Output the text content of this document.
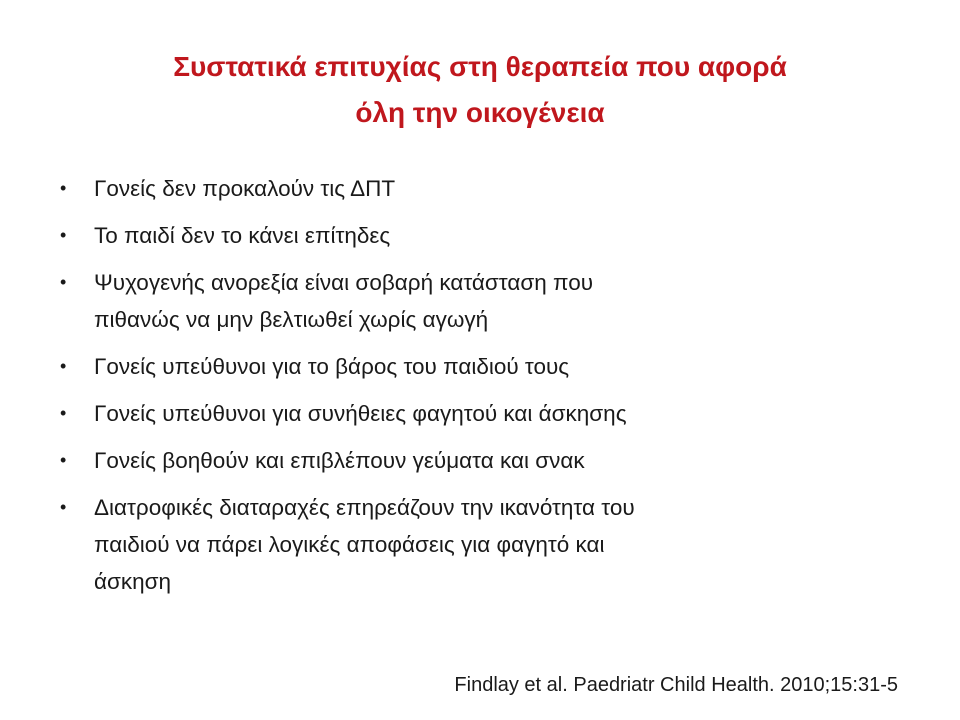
Συστατικά επιτυχίας στη θεραπεία που αφορά
όλη την οικογένεια
•	Γονείς δεν προκαλούν τις ΔΠΤ
•	Το παιδί δεν το κάνει επίτηδες
•	Ψυχογενής ανορεξία είναι σοβαρή κατάσταση που
πιθανώς να μην βελτιωθεί χωρίς αγωγή
•	Γονείς υπεύθυνοι για το βάρος του παιδιού τους
•	Γονείς υπεύθυνοι για συνήθειες φαγητού και άσκησης
•	Γονείς βοηθούν και επιβλέπουν γεύματα και σνακ
•	Διατροφικές διαταραχές επηρεάζουν την ικανότητα του
παιδιού να πάρει λογικές αποφάσεις για φαγητό και
άσκηση
Findlay et al. Paedriatr Child Health. 2010;15:31-5
